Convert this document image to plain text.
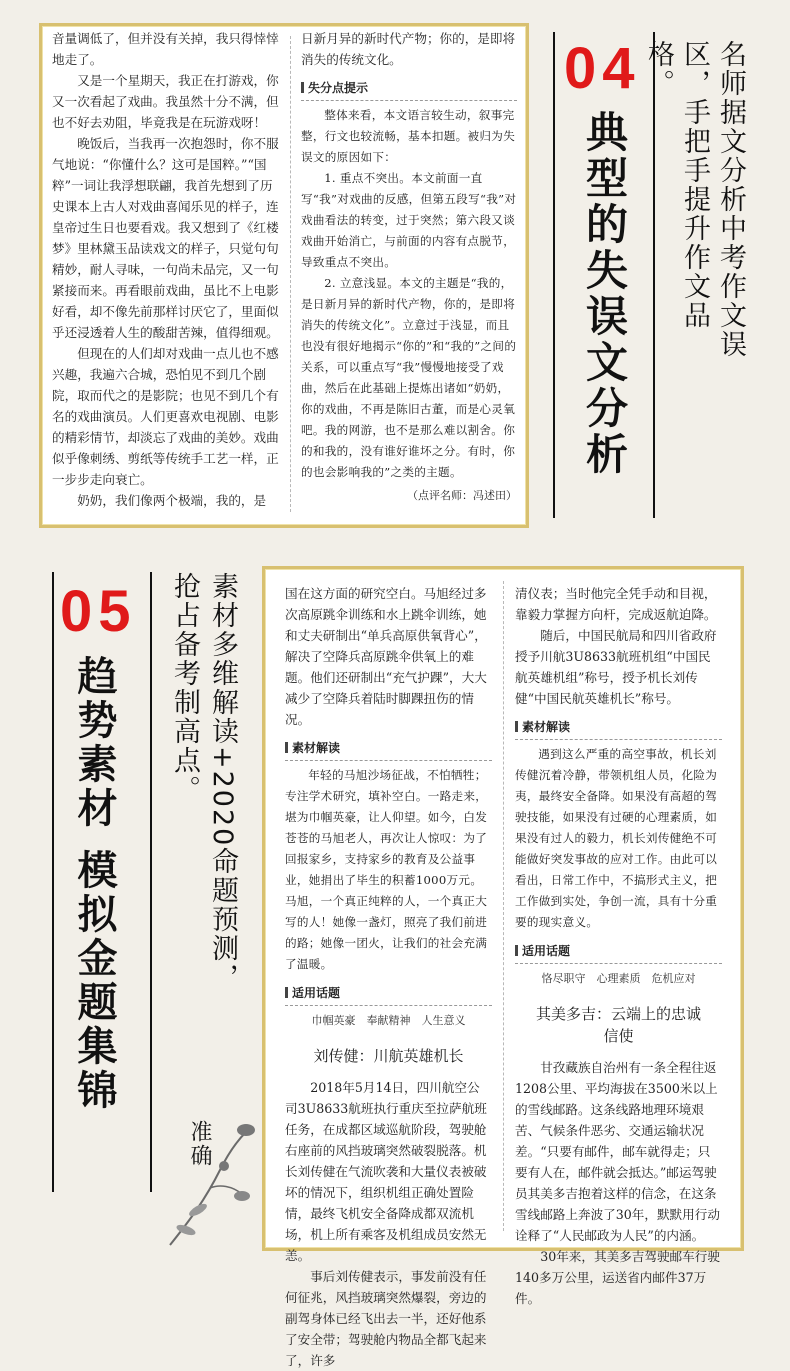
音量调低了，但并没有关掉，我只得悻悻地走了。

又是一个星期天，我正在打游戏，你又一次看起了戏曲。我虽然十分不满，但也不好去劝阻，毕竟我是在玩游戏呀！

晚饭后，当我再一次抱怨时，你不服气地说：“你懂什么？这可是国粹。”“国粹”一词让我浮想联翩，我首先想到了历史课本上古人对戏曲喜闻乐见的样子，连皇帝过生日也要看戏。我又想到了《红楼梦》里林黛玉品读戏文的样子，只觉句句精妙，耐人寻味，一句尚未品完，又一句紧接而来。再看眼前戏曲，虽比不上电影好看，却不像先前那样讨厌它了，里面似乎还浸透着人生的酸甜苦辣，值得细观。

但现在的人们却对戏曲一点儿也不感兴趣，我遍六合城，恐怕见不到几个剧院，取而代之的是影院；也见不到几个有名的戏曲演员。人们更喜欢电视剧、电影的精彩情节，却淡忘了戏曲的美妙。戏曲似乎像刺绣、剪纸等传统手工艺一样，正一步步走向衰亡。

奶奶，我们像两个极端，我的，是

日新月异的新时代产物；你的，是即将消失的传统文化。

失分点提示

整体来看，本文语言较生动，叙事完整，行文也较流畅，基本扣题。被归为失误文的原因如下：

1. 重点不突出。本文前面一直写“我”对戏曲的反感，但第五段写“我”对戏曲看法的转变，过于突然；第六段又谈戏曲开始消亡，与前面的内容有点脱节，导致重点不突出。

2. 立意浅显。本文的主题是“我的，是日新月异的新时代产物，你的，是即将消失的传统文化”。立意过于浅显，而且也没有很好地揭示“你的”和“我的”之间的关系，可以重点写“我”慢慢地接受了戏曲，然后在此基础上提炼出诸如“奶奶，你的戏曲，不再是陈旧古董，而是心灵氧吧。我的网游，也不是那么难以割舍。你的和我的，没有谁好谁坏之分。有时，你的也会影响我的”之类的主题。

（点评名师：冯述田）
04
典型的失误文分析	名师据文分析中考作文误区，手把手提升作文品格。
05
趋势素材 模拟金题集锦 抢占备考制高点。 素材多维解读+2020命题预测，
准确

国在这方面的研究空白。马旭经过多次高原跳伞训练和水上跳伞训练，她和丈夫研制出“单兵高原供氧背心”，解决了空降兵高原跳伞供氧上的难题。他们还研制出“充气护踝”，大大减少了空降兵着陆时脚踝扭伤的情况。

素材解读

年轻的马旭沙场征战，不怕牺牲；专注学术研究，填补空白。一路走来，堪为巾帼英豪，让人仰望。如今，白发苍苍的马旭老人，再次让人惊叹：为了回报家乡，支持家乡的教育及公益事业，她捐出了毕生的积蓄1000万元。马旭，一个真正纯粹的人，一个真正大写的人！她像一盏灯，照亮了我们前进的路；她像一团火，让我们的社会充满了温暖。

适用话题
巾帼英豪　奉献精神　人生意义
刘传健：川航英雄机长

2018年5月14日，四川航空公司3U8633航班执行重庆至拉萨航班任务，在成都区域巡航阶段，驾驶舱右座前的风挡玻璃突然破裂脱落。机长刘传健在气流吹袭和大量仪表被破坏的情况下，组织机组正确处置险情，最终飞机安全备降成都双流机场，机上所有乘客及机组成员安然无恙。

事后刘传健表示，事发前没有任何征兆，风挡玻璃突然爆裂，旁边的副驾身体已经飞出去一半，还好他系了安全带；驾驶舱内物品全都飞起来了，许多

清仪表；当时他完全凭手动和目视，靠毅力掌握方向杆，完成返航迫降。

随后，中国民航局和四川省政府授予川航3U8633航班机组“中国民航英雄机组”称号，授予机长刘传健“中国民航英雄机长”称号。

素材解读

遇到这么严重的高空事故，机长刘传健沉着冷静，带领机组人员，化险为夷，最终安全备降。如果没有高超的驾驶技能，如果没有过硬的心理素质，如果没有过人的毅力，机长刘传健绝不可能做好突发事故的应对工作。由此可以看出，日常工作中，不搞形式主义，把工作做到实处，争创一流，具有十分重要的现实意义。

适用话题
恪尽职守　心理素质　危机应对
其美多吉：云端上的忠诚信使

甘孜藏族自治州有一条全程往返1208公里、平均海拔在3500米以上的雪线邮路。这条线路地理环境艰苦、气候条件恶劣、交通运输状况差。“只要有邮件，邮车就得走；只要有人在，邮件就会抵达。”邮运驾驶员其美多吉抱着这样的信念，在这条雪线邮路上奔波了30年，默默用行动诠释了“人民邮政为人民”的内涵。

30年来，其美多吉驾驶邮车行驶140多万公里，运送省内邮件37万件。
